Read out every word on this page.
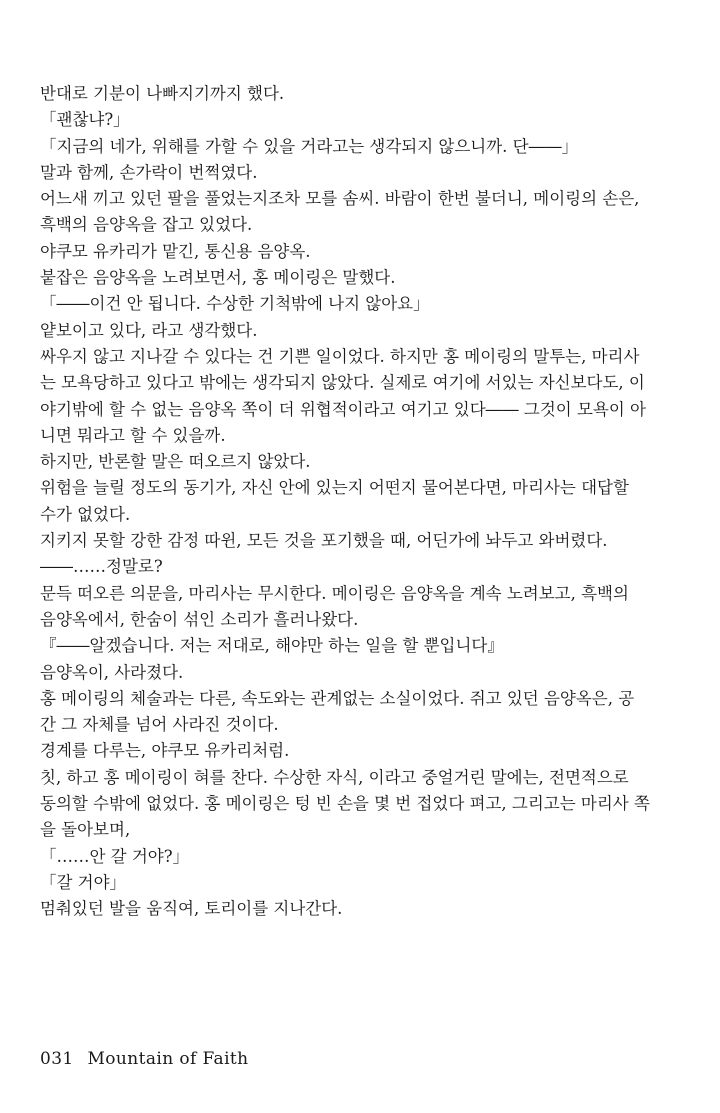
반대로 기분이 나빠지기까지 했다.
「괜찮냐?」
「지금의 네가, 위해를 가할 수 있을 거라고는 생각되지 않으니까. 단――」
말과 함께, 손가락이 번쩍였다.
어느새 끼고 있던 팔을 풀었는지조차 모를 솜씨. 바람이 한번 불더니, 메이링의 손은,
흑백의 음양옥을 잡고 있었다.
야쿠모 유카리가 맡긴, 통신용 음양옥.
붙잡은 음양옥을 노려보면서, 홍 메이링은 말했다.
「――이건 안 됩니다. 수상한 기척밖에 나지 않아요」
얕보이고 있다, 라고 생각했다.
싸우지 않고 지나갈 수 있다는 건 기쁜 일이었다. 하지만 홍 메이링의 말투는, 마리사
는 모욕당하고 있다고 밖에는 생각되지 않았다. 실제로 여기에 서있는 자신보다도, 이
야기밖에 할 수 없는 음양옥 쪽이 더 위협적이라고 여기고 있다―― 그것이 모욕이 아
니면 뭐라고 할 수 있을까.
하지만, 반론할 말은 떠오르지 않았다.
위험을 늘릴 정도의 동기가, 자신 안에 있는지 어떤지 물어본다면, 마리사는 대답할
수가 없었다.
지키지 못할 강한 감정 따윈, 모든 것을 포기했을 때, 어딘가에 놔두고 와버렸다.
――……정말로?
문득 떠오른 의문을, 마리사는 무시한다. 메이링은 음양옥을 계속 노려보고, 흑백의
음양옥에서, 한숨이 섞인 소리가 흘러나왔다.
『――알겠습니다. 저는 저대로, 해야만 하는 일을 할 뿐입니다』
음양옥이, 사라졌다.
홍 메이링의 체술과는 다른, 속도와는 관계없는 소실이었다. 쥐고 있던 음양옥은, 공
간 그 자체를 넘어 사라진 것이다.
경계를 다루는, 야쿠모 유카리처럼.
칫, 하고 홍 메이링이 혀를 찬다. 수상한 자식, 이라고 중얼거린 말에는, 전면적으로
동의할 수밖에 없었다. 홍 메이링은 텅 빈 손을 몇 번 접었다 펴고, 그리고는 마리사 쪽
을 돌아보며,
「……안 갈 거야?」
「갈 거야」
멈춰있던 발을 움직여, 토리이를 지나간다.
031 Mountain of Faith
